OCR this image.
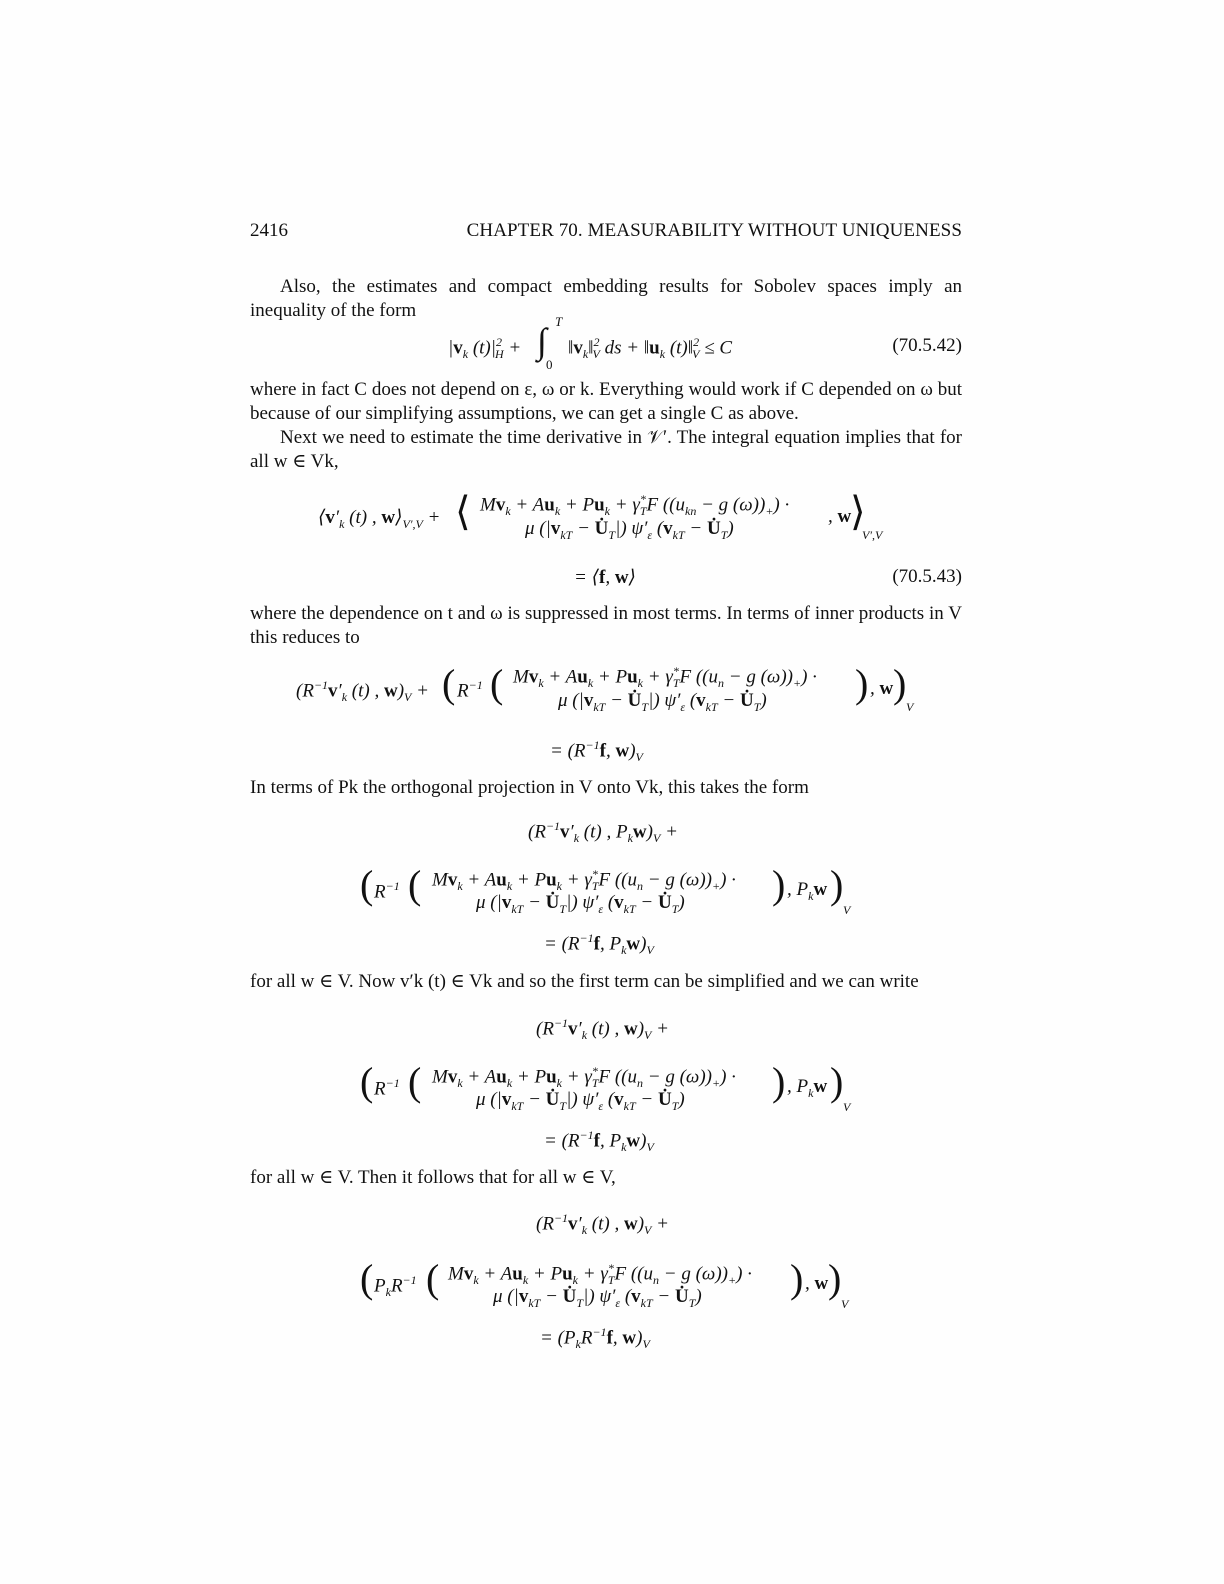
2416	CHAPTER 70. MEASURABILITY WITHOUT UNIQUENESS
Also, the estimates and compact embedding results for Sobolev spaces imply an inequality of the form
$|v_k$ $(t)|^2_H$ + ∫ T
0
$‖v_k‖^2_V$ ds + $‖u_k$ (t)‖$^2_V$ ≤ C	(70.5.42)
where in fact C does not depend on ε, ω or k. Everything would work if C depended on ω but because of our simplifying assumptions, we can get a single C as above.
Next we need to estimate the time derivative in 𝒱′. The integral equation implies that for all w ∈ Vk,
$⟨v'_k$ (t) , $w⟩_{V',V}$ + ⟨ $Mv_k + Au_k + Pu_k + \gamma^*_TF$ (($u_{kn} - g$ $(\omega))_+$) ·
μ ($|v_{kT}$ − $U̇_T|$) $\psi'_\varepsilon$ ($v_{kT}$ − $U̇_T$)
, w
⟩
V′,V
= ⟨f, w⟩	(70.5.43)
where the dependence on t and ω is suppressed in most terms. In terms of inner products in V this reduces to
($R^{-1}v'_k$ (t) , $w)_V$ + ( $R^{-1}$ ( $Mv_k + Au_k + Pu_k + \gamma^*_TF$ (($u_n - g$ $(\omega))_+$) ·
μ ($|v_{kT}$ − $U̇_T|$) $\psi'_\varepsilon$ ($v_{kT}$ − $U̇_T$) ) , w )
V
= ($R^{-1}f$, $w)_V$
In terms of Pk the orthogonal projection in V onto Vk, this takes the form
($R^{-1}v'_k$ (t) , $P_kw)_V$ +
( $R^{-1}$ ( $Mv_k + Au_k + Pu_k + \gamma^*_TF$ (($u_n - g$ $(\omega))_+$) ·
μ ($|v_{kT}$ − $U̇_T|$) $\psi'_\varepsilon$ ($v_{kT}$ − $U̇_T$) ) , $P_kw$ )
V
= ($R^{-1}f$, $P_kw)_V$
for all w ∈ V. Now v′k (t) ∈ Vk and so the first term can be simplified and we can write
($R^{-1}v'_k$ (t) , $w)_V$ +
( $R^{-1}$ ( $Mv_k + Au_k + Pu_k + \gamma^*_TF$ (($u_n - g$ $(\omega))_+$) ·
μ ($|v_{kT}$ − $U̇_T|$) $\psi'_\varepsilon$ ($v_{kT}$ − $U̇_T$) ) , $P_kw$ )
V
= ($R^{-1}f$, $P_kw)_V$
for all w ∈ V. Then it follows that for all w ∈ V,
($R^{-1}v'_k$ (t) , $w)_V$ +
( $P_kR^{-1}$ ( $Mv_k + Au_k + Pu_k + \gamma^*_TF$ (($u_n - g$ $(\omega))_+$) ·
μ ($|v_{kT}$ − $U̇_T|$) $\psi'_\varepsilon$ ($v_{kT}$ − $U̇_T$) ) , w )
V
= ($P_kR^{-1}f$, $w)_V$
